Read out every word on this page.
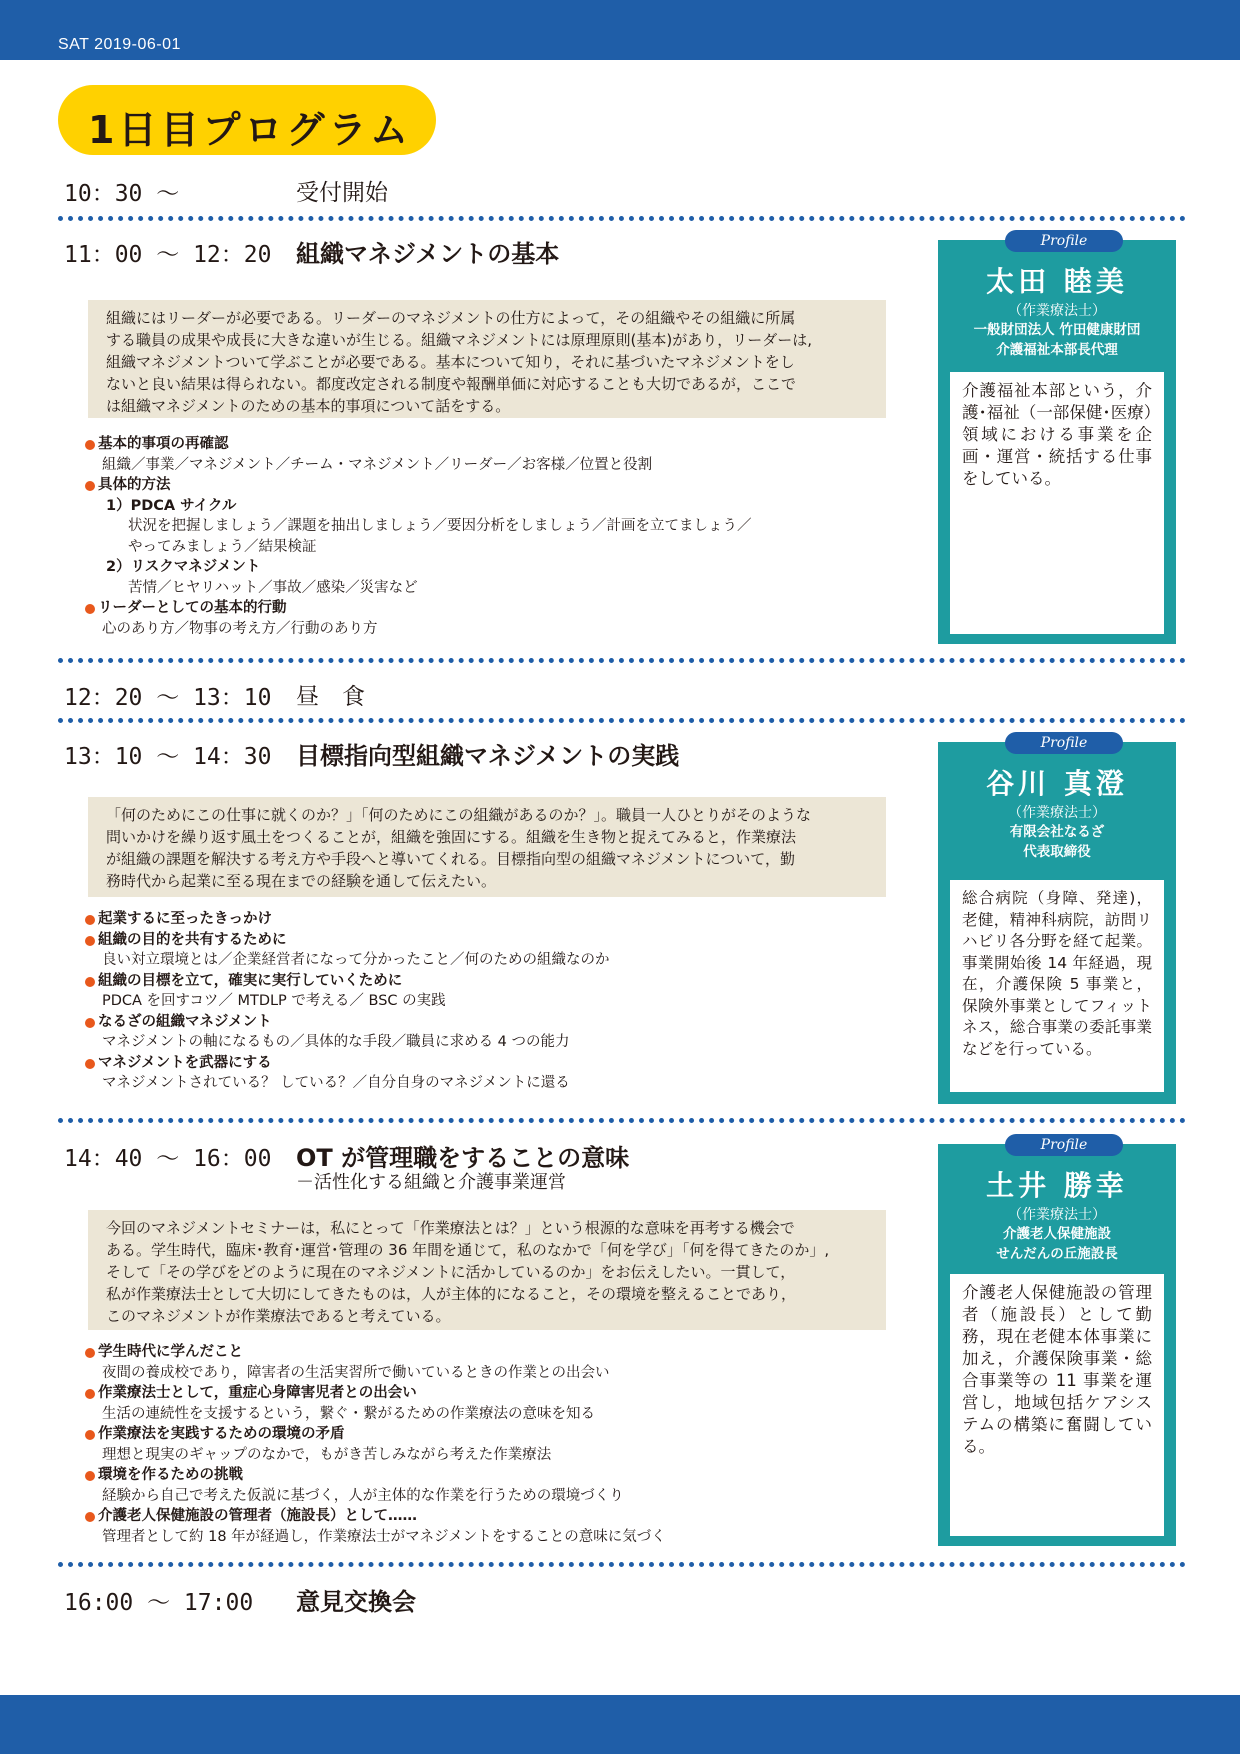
SAT 2019-06-01
1日目プログラム
10：30 ～	受付開始
11：00 ～ 12：20 組織マネジメントの基本

組織にはリーダーが必要である。リーダーのマネジメントの仕方によって，その組織やその組織に所属

する職員の成果や成長に大きな違いが生じる。組織マネジメントには原理原則(基本)があり，リーダーは,

組織マネジメントついて学ぶことが必要である。基本について知り，それに基づいたマネジメントをし

ないと良い結果は得られない。都度改定される制度や報酬単価に対応することも大切であるが，ここで

は組織マネジメントのための基本的事項について話をする。

基本的事項の再確認
組織／事業／マネジメント／チーム・マネジメント／リーダー／お客様／位置と役割
具体的方法
1）PDCA サイクル
状況を把握しましょう／課題を抽出しましょう／要因分析をしましょう／計画を立てましょう／
やってみましょう／結果検証
2）リスクマネジメント
苦情／ヒヤリハット／事故／感染／災害など
リーダーとしての基本的行動
心のあり方／物事の考え方／行動のあり方
Profile
太田 睦美
（作業療法士）
一般財団法人 竹田健康財団
介護福祉本部長代理
介護福祉本部という，介護･福祉（一部保健･医療）領域における事業を企画・運営・統括する仕事をしている。
12：20 ～ 13：10 昼　食
13：10 ～ 14：30 目標指向型組織マネジメントの実践

「何のためにこの仕事に就くのか？」「何のためにこの組織があるのか？」。職員一人ひとりがそのような

問いかけを繰り返す風土をつくることが，組織を強固にする。組織を生き物と捉えてみると，作業療法

が組織の課題を解決する考え方や手段へと導いてくれる。目標指向型の組織マネジメントについて，勤

務時代から起業に至る現在までの経験を通して伝えたい。

起業するに至ったきっかけ
組織の目的を共有するために
良い対立環境とは／企業経営者になって分かったこと／何のための組織なのか
組織の目標を立て，確実に実行していくために
PDCA を回すコツ／ MTDLP で考える／ BSC の実践
なるざの組織マネジメント
マネジメントの軸になるもの／具体的な手段／職員に求める 4 つの能力
マネジメントを武器にする
マネジメントされている？ している？／自分自身のマネジメントに還る
Profile
谷川 真澄
（作業療法士）
有限会社なるざ
代表取締役
総合病院（身障、発達)，老健，精神科病院，訪問リハビリ各分野を経て起業。事業開始後 14 年経過，現在，介護保険 5 事業と，保険外事業としてフィットネス，総合事業の委託事業などを行っている。
14：40 ～ 16：00 OT が管理職をすることの意味
－活性化する組織と介護事業運営

今回のマネジメントセミナーは，私にとって「作業療法とは？」という根源的な意味を再考する機会で

ある。学生時代，臨床･教育･運営･管理の 36 年間を通じて，私のなかで「何を学び」「何を得てきたのか」,

そして「その学びをどのように現在のマネジメントに活かしているのか」をお伝えしたい。一貫して，

私が作業療法士として大切にしてきたものは，人が主体的になること，その環境を整えることであり，

このマネジメントが作業療法であると考えている。

学生時代に学んだこと
夜間の養成校であり，障害者の生活実習所で働いているときの作業との出会い
作業療法士として，重症心身障害児者との出会い
生活の連続性を支援するという，繋ぐ・繋がるための作業療法の意味を知る
作業療法を実践するための環境の矛盾
理想と現実のギャップのなかで，もがき苦しみながら考えた作業療法
環境を作るための挑戦
経験から自己で考えた仮説に基づく，人が主体的な作業を行うための環境づくり
介護老人保健施設の管理者（施設長）として……
管理者として約 18 年が経過し，作業療法士がマネジメントをすることの意味に気づく
Profile
土井 勝幸
（作業療法士）
介護老人保健施設
せんだんの丘施設長
介護老人保健施設の管理者（施設長）として勤務，現在老健本体事業に加え，介護保険事業・総合事業等の 11 事業を運営し，地域包括ケアシステムの構築に奮闘している。
16:00 ～ 17:00 意見交換会
